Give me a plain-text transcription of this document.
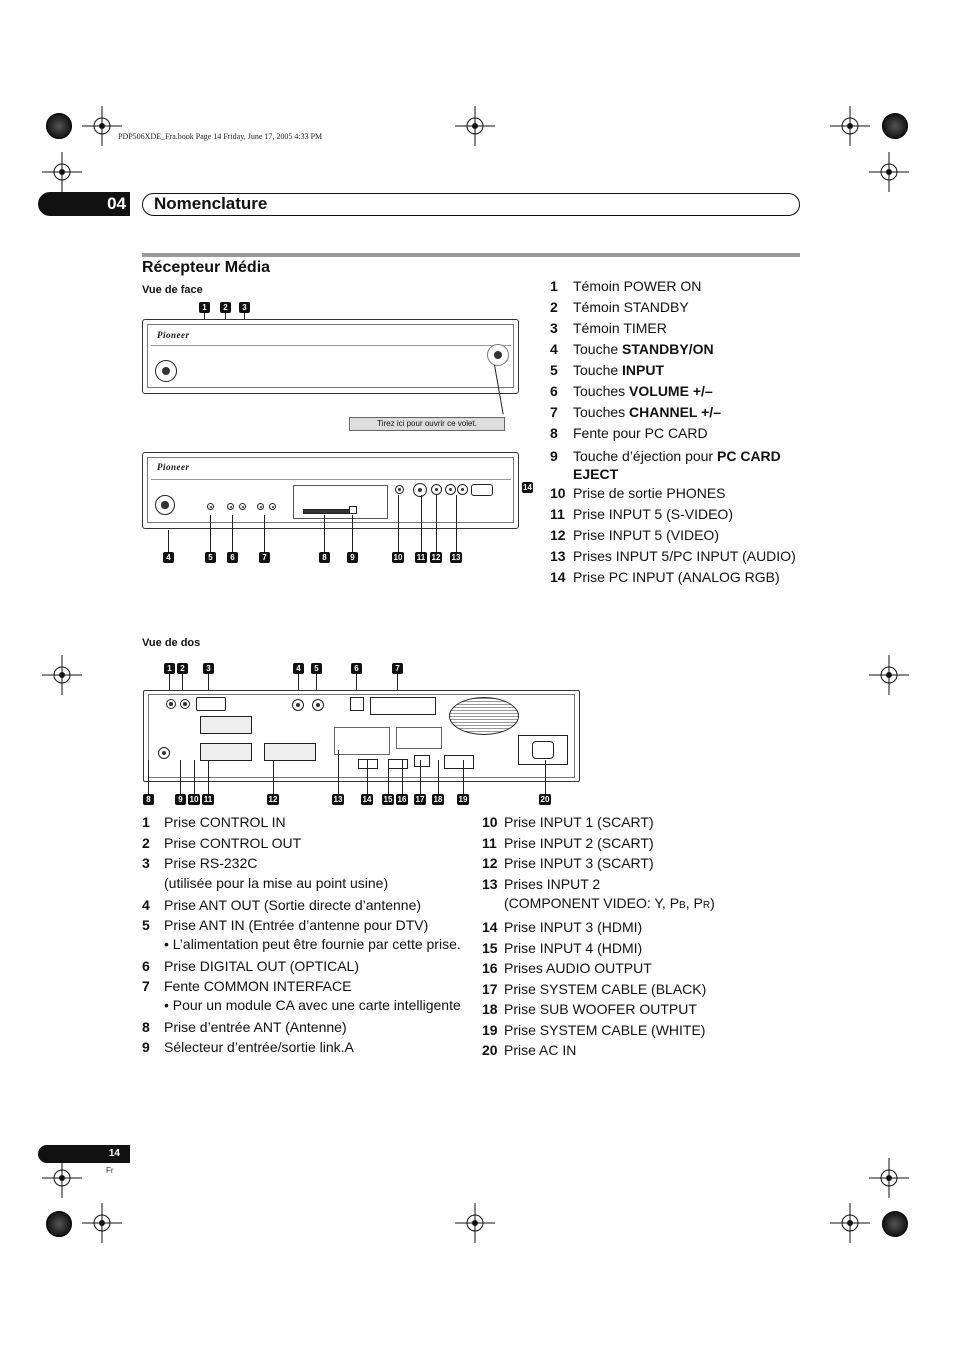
PDP506XDE_Fra.book Page 14 Friday, June 17, 2005 4:33 PM
04 Nomenclature
Récepteur Média
Vue de face
1	2	3
Pioneer
Tirez ici pour ouvrir ce volet.
Pioneer
14
4	5	6	7	8	9	10 11 12 13
1 Témoin POWER ON
2 Témoin STANDBY
3 Témoin TIMER
4 Touche STANDBY/ON
5 Touche INPUT
6 Touches VOLUME +/–
7 Touches CHANNEL +/–
8 Fente pour PC CARD
9 Touche d’éjection pour PC CARD
EJECT
10 Prise de sortie PHONES
11 Prise INPUT 5 (S-VIDEO)
12 Prise INPUT 5 (VIDEO)
13 Prises INPUT 5/PC INPUT (AUDIO)
14 Prise PC INPUT (ANALOG RGB)
Vue de dos
1	2	3	4	5	6	7
8	9 10 11	12	13	14 15 16 17 18 19	20
1 Prise CONTROL IN
2 Prise CONTROL OUT
3 Prise RS-232C
(utilisée pour la mise au point usine)
4 Prise ANT OUT (Sortie directe d’antenne)
5 Prise ANT IN (Entrée d’antenne pour DTV)
• L’alimentation peut être fournie par cette prise.
6 Prise DIGITAL OUT (OPTICAL)
7 Fente COMMON INTERFACE
• Pour un module CA avec une carte intelligente
8 Prise d’entrée ANT (Antenne)
9 Sélecteur d’entrée/sortie link.A
10 Prise INPUT 1 (SCART)
11 Prise INPUT 2 (SCART)
12 Prise INPUT 3 (SCART)
13 Prises INPUT 2
(COMPONENT VIDEO: Y, PB, PR)
14 Prise INPUT 3 (HDMI)
15 Prise INPUT 4 (HDMI)
16 Prises AUDIO OUTPUT
17 Prise SYSTEM CABLE (BLACK)
18 Prise SUB WOOFER OUTPUT
19 Prise SYSTEM CABLE (WHITE)
20 Prise AC IN
14
Fr
